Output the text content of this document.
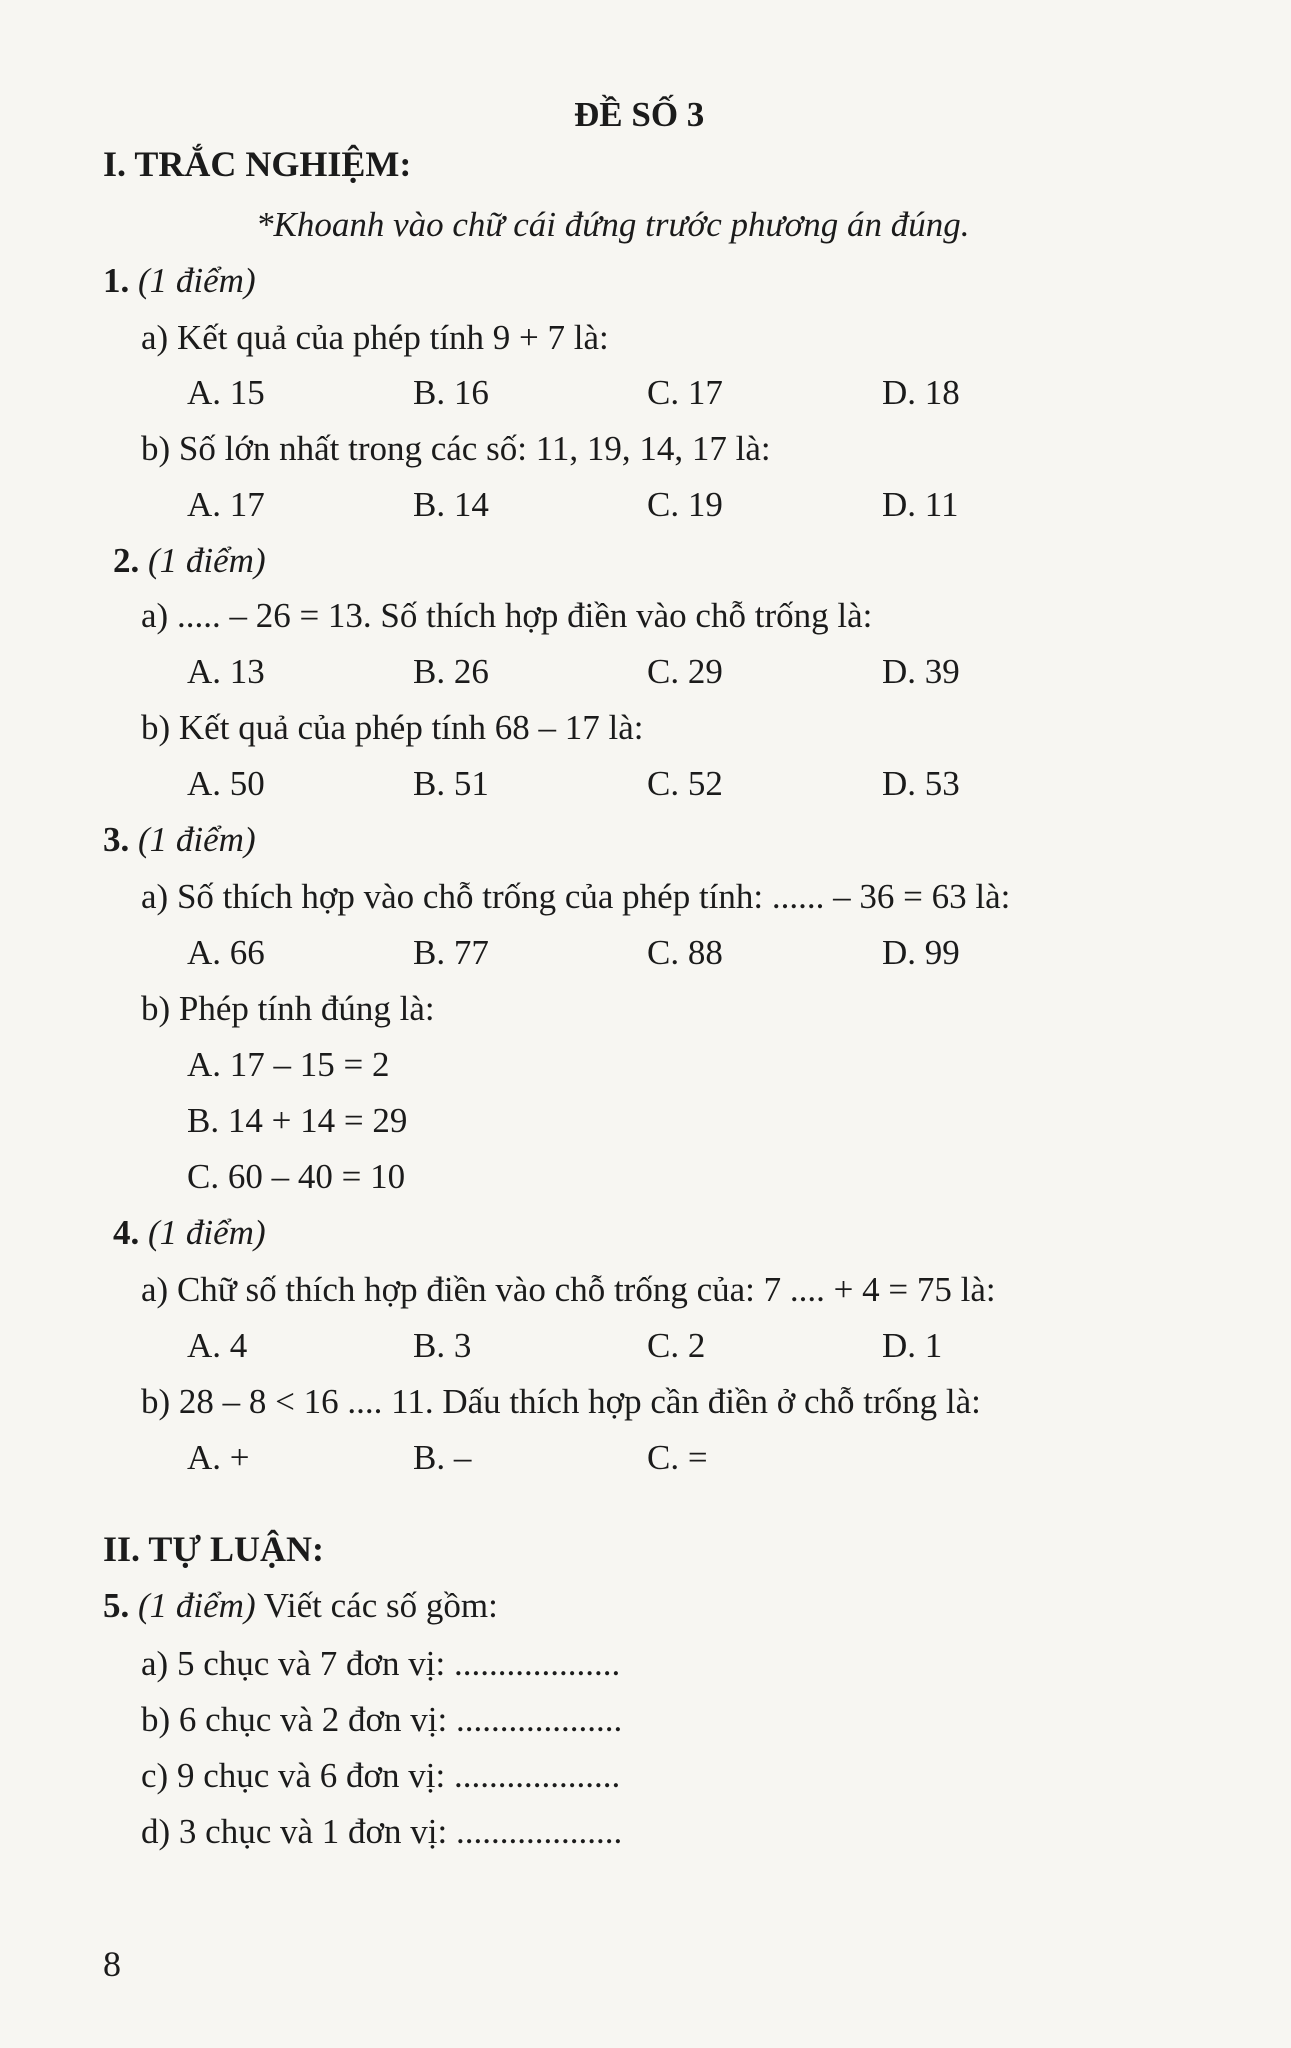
ĐỀ SỐ 3
I. TRẮC NGHIỆM:
*Khoanh vào chữ cái đứng trước phương án đúng.
1. (1 điểm)
a) Kết quả của phép tính 9 + 7 là:
A. 15	B. 16	C. 17	D. 18
b) Số lớn nhất trong các số: 11, 19, 14, 17 là:
A. 17	B. 14	C. 19	D. 11
2. (1 điểm)
a) ..... – 26 = 13. Số thích hợp điền vào chỗ trống là:
A. 13	B. 26	C. 29	D. 39
b) Kết quả của phép tính 68 – 17 là:
A. 50	B. 51	C. 52	D. 53
3. (1 điểm)
a) Số thích hợp vào chỗ trống của phép tính: ...... – 36 = 63 là:
A. 66	B. 77	C. 88	D. 99
b) Phép tính đúng là:
A. 17 – 15 = 2
B. 14 + 14 = 29
C. 60 – 40 = 10
4. (1 điểm)
a) Chữ số thích hợp điền vào chỗ trống của: 7 .... + 4 = 75 là:
A. 4	B. 3	C. 2	D. 1
b) 28 – 8 < 16 .... 11. Dấu thích hợp cần điền ở chỗ trống là:
A. +	B. –	C. =
II. TỰ LUẬN:
5. (1 điểm) Viết các số gồm:
a) 5 chục và 7 đơn vị: ...................
b) 6 chục và 2 đơn vị: ...................
c) 9 chục và 6 đơn vị: ...................
d) 3 chục và 1 đơn vị: ...................
8
